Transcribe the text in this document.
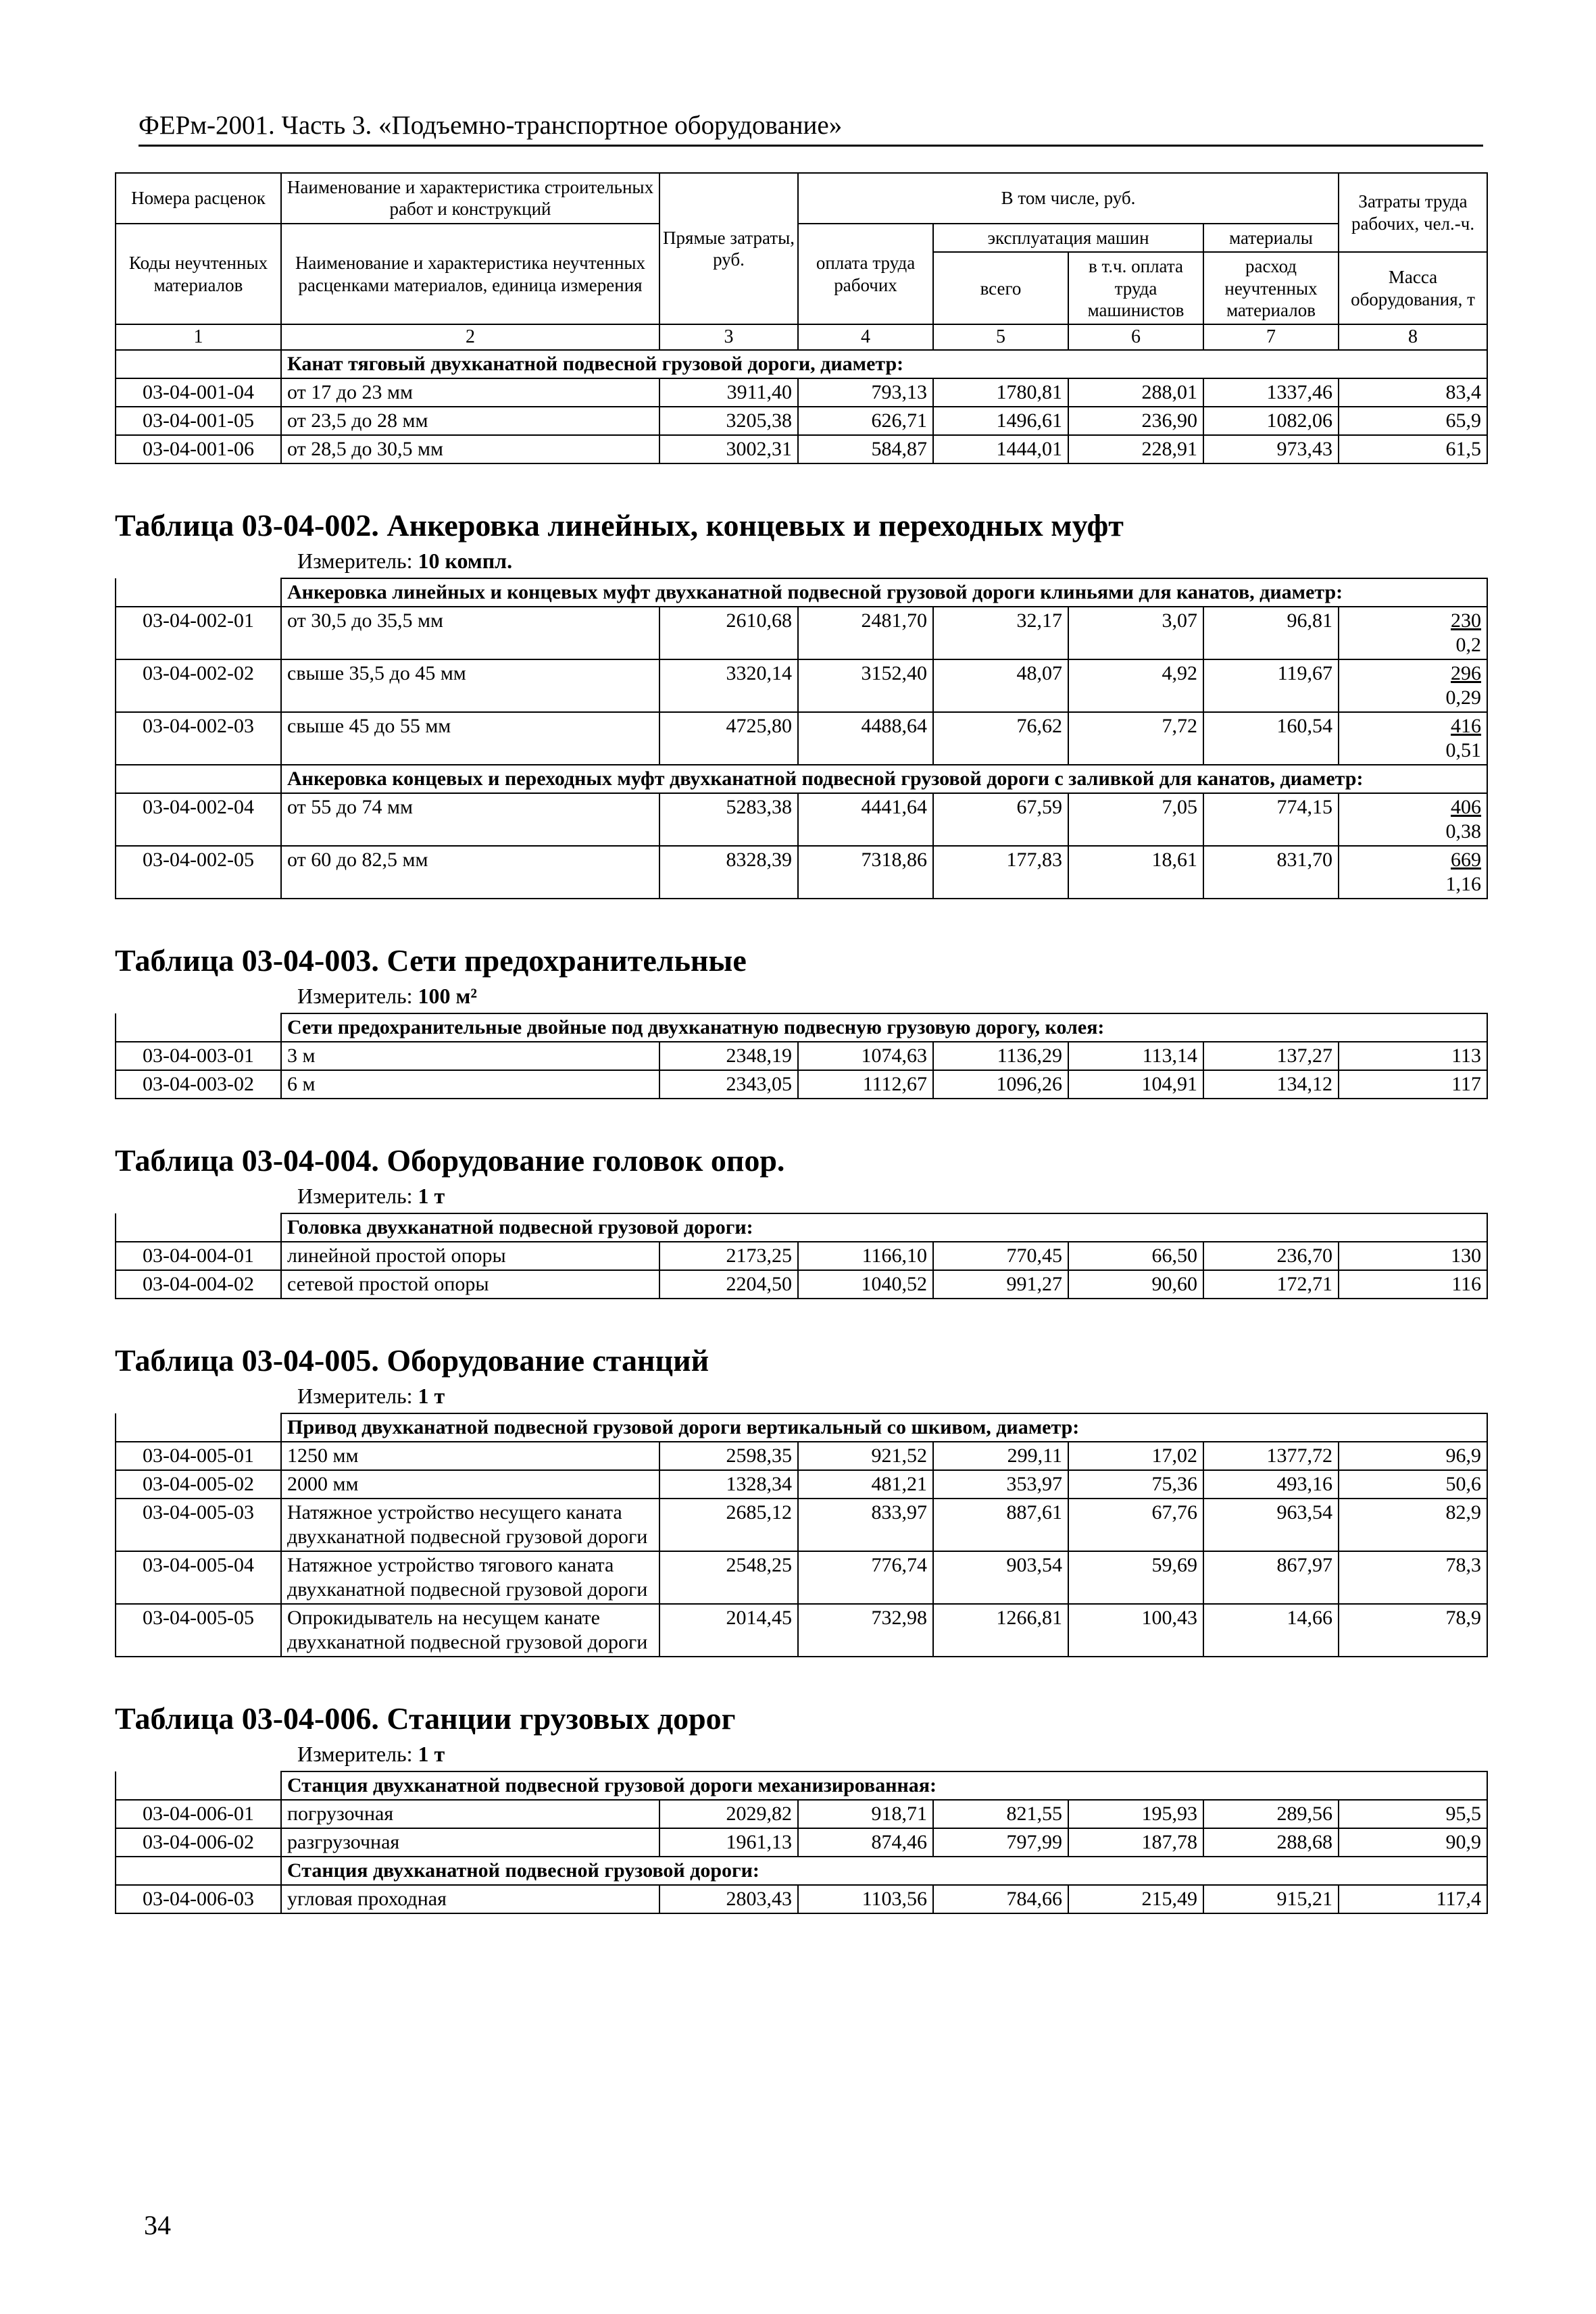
ФЕРм-2001. Часть 3. «Подъемно-транспортное оборудование»
Номера расценок	Наименование и характеристика строительных работ и конструкций	Прямые затраты, руб.	В том числе, руб.				Затраты труда рабочих, чел.-ч.
Коды неучтенных материалов	Наименование и характеристика неучтенных расценками материалов, единица измерения		оплата труда рабочих	эксплуатация машин		материалы	
				всего	в т.ч. оплата труда машинистов	расход неучтенных материалов	Масса оборудования, т
1	2	3	4	5	6	7	8
	Канат тяговый двухканатной подвесной грузовой дороги, диаметр:						
03-04-001-04	от 17 до 23 мм	3911,40	793,13	1780,81	288,01	1337,46	83,4

03-04-001-05	от 23,5 до 28 мм	3205,38	626,71	1496,61	236,90	1082,06	65,9

03-04-001-06	от 28,5 до 30,5 мм	3002,31	584,87	1444,01	228,91	973,43	61,5
Таблица 03-04-002. Анкеровка линейных, концевых и переходных муфт
Измеритель: 10 компл.
	Анкеровка линейных и концевых муфт двухканатной подвесной грузовой дороги клиньями для канатов, диаметр:						
03-04-002-01	от 30,5 до 35,5 мм	2610,68	2481,70	32,17	3,07	96,81	230
0,2

03-04-002-02	свыше 35,5 до 45 мм	3320,14	3152,40	48,07	4,92	119,67	296
0,29

03-04-002-03	свыше 45 до 55 мм	4725,80	4488,64	76,62	7,72	160,54	416
0,51

	Анкеровка концевых и переходных муфт двухканатной подвесной грузовой дороги с заливкой для канатов, диаметр:						
03-04-002-04	от 55 до 74 мм	5283,38	4441,64	67,59	7,05	774,15	406
0,38

03-04-002-05	от 60 до 82,5 мм	8328,39	7318,86	177,83	18,61	831,70	669
1,16
Таблица 03-04-003. Сети предохранительные
Измеритель: 100 м²
	Сети предохранительные двойные под двухканатную подвесную грузовую дорогу, колея:						
03-04-003-01	3 м	2348,19	1074,63	1136,29	113,14	137,27	113

03-04-003-02	6 м	2343,05	1112,67	1096,26	104,91	134,12	117
Таблица 03-04-004. Оборудование головок опор.
Измеритель: 1 т
	Головка двухканатной подвесной грузовой дороги:						
03-04-004-01	линейной простой опоры	2173,25	1166,10	770,45	66,50	236,70	130

03-04-004-02	сетевой простой опоры	2204,50	1040,52	991,27	90,60	172,71	116
Таблица 03-04-005. Оборудование станций
Измеритель: 1 т
	Привод двухканатной подвесной грузовой дороги вертикальный со шкивом, диаметр:						
03-04-005-01	1250 мм	2598,35	921,52	299,11	17,02	1377,72	96,9

03-04-005-02	2000 мм	1328,34	481,21	353,97	75,36	493,16	50,6

03-04-005-03	Натяжное устройство несущего каната двухканатной подвесной грузовой дороги	2685,12	833,97	887,61	67,76	963,54	82,9

03-04-005-04	Натяжное устройство тягового каната двухканатной подвесной грузовой дороги	2548,25	776,74	903,54	59,69	867,97	78,3

03-04-005-05	Опрокидыватель на несущем канате двухканатной подвесной грузовой дороги	2014,45	732,98	1266,81	100,43	14,66	78,9
Таблица 03-04-006. Станции грузовых дорог
Измеритель: 1 т
	Станция двухканатной подвесной грузовой дороги механизированная:						
03-04-006-01	погрузочная	2029,82	918,71	821,55	195,93	289,56	95,5

03-04-006-02	разгрузочная	1961,13	874,46	797,99	187,78	288,68	90,9

	Станция двухканатной подвесной грузовой дороги:						
03-04-006-03	угловая проходная	2803,43	1103,56	784,66	215,49	915,21	117,4
34
